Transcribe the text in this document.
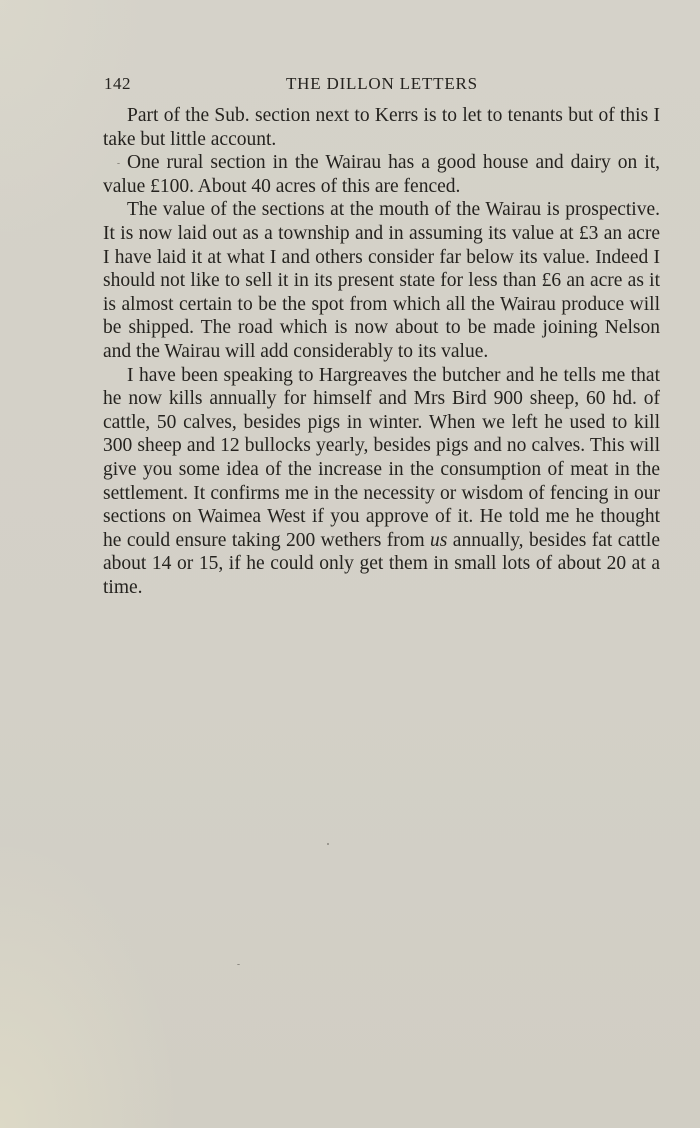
142	THE DILLON LETTERS

Part of the Sub. section next to Kerrs is to let to tenants but of this I take but little account.

One rural section in the Wairau has a good house and dairy on it, value £100. About 40 acres of this are fenced.

The value of the sections at the mouth of the Wairau is prospective. It is now laid out as a township and in assuming its value at £3 an acre I have laid it at what I and others consider far below its value. Indeed I should not like to sell it in its present state for less than £6 an acre as it is almost certain to be the spot from which all the Wairau produce will be shipped. The road which is now about to be made joining Nelson and the Wairau will add considerably to its value.

I have been speaking to Hargreaves the butcher and he tells me that he now kills annually for himself and Mrs Bird 900 sheep, 60 hd. of cattle, 50 calves, besides pigs in winter. When we left he used to kill 300 sheep and 12 bullocks yearly, besides pigs and no calves. This will give you some idea of the increase in the consumption of meat in the settlement. It confirms me in the necessity or wisdom of fencing in our sections on Waimea West if you approve of it. He told me he thought he could ensure taking 200 wethers from us annually, besides fat cattle about 14 or 15, if he could only get them in small lots of about 20 at a time.
